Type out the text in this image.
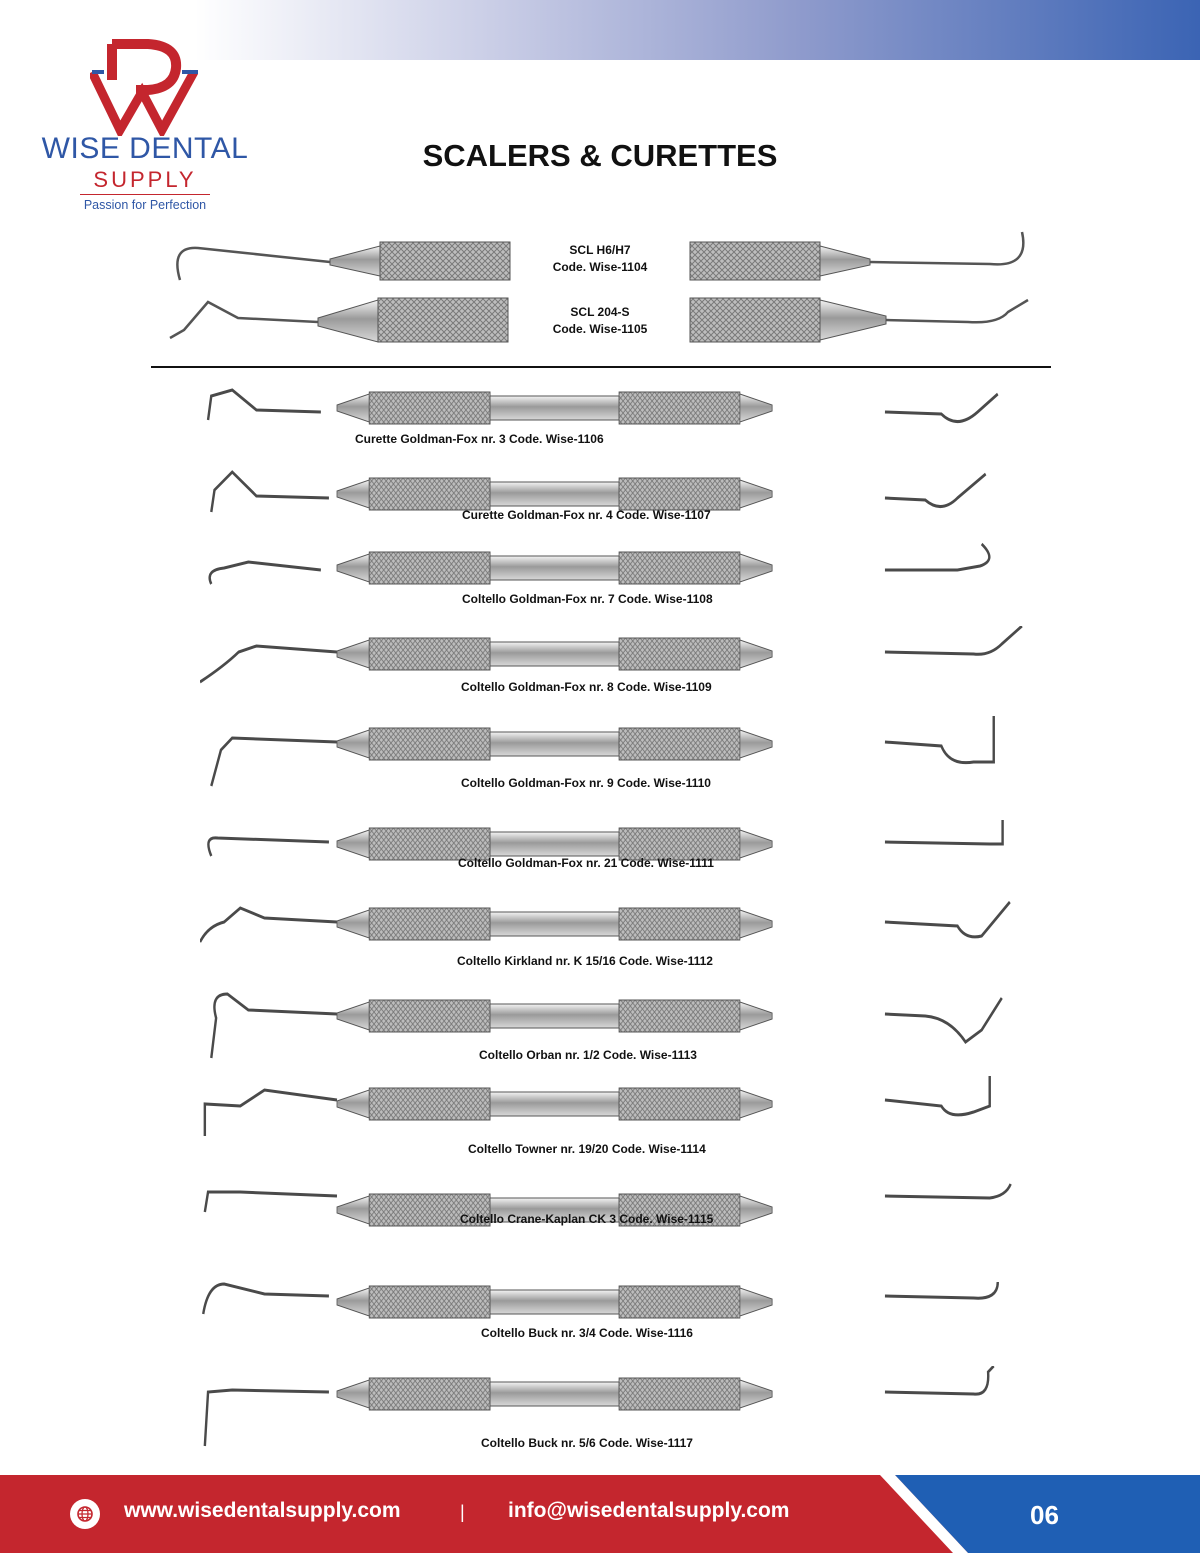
WISE DENTAL
SUPPLY
Passion for Perfection
SCALERS & CURETTES
SCL H6/H7
Code. Wise-1104
SCL 204-S
Code. Wise-1105
Curette Goldman-Fox nr. 3 Code. Wise-1106
Curette Goldman-Fox nr. 4 Code. Wise-1107
Coltello Goldman-Fox nr. 7 Code. Wise-1108
Coltello Goldman-Fox nr. 8 Code. Wise-1109
Coltello Goldman-Fox nr. 9 Code. Wise-1110
Coltello Goldman-Fox nr. 21 Code. Wise-1111
Coltello Kirkland nr. K 15/16 Code. Wise-1112
Coltello Orban nr. 1/2 Code. Wise-1113
Coltello Towner nr. 19/20 Code. Wise-1114
Coltello Crane-Kaplan CK 3 Code. Wise-1115
Coltello Buck nr. 3/4 Code. Wise-1116
Coltello Buck nr. 5/6 Code. Wise-1117
www.wisedentalsupply.com	| info@wisedentalsupply.com	06
